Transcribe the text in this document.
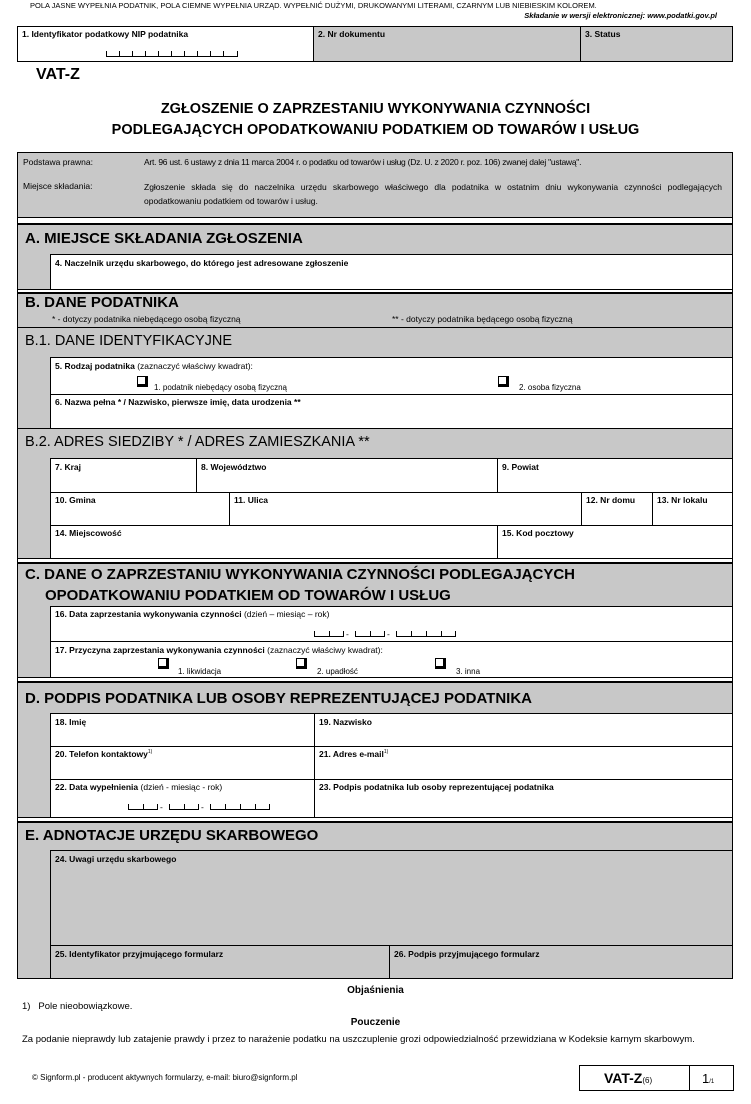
POLA JASNE WYPEŁNIA PODATNIK, POLA CIEMNE WYPEŁNIA URZĄD. WYPEŁNIĆ DUŻYMI, DRUKOWANYMI LITERAMI, CZARNYM LUB NIEBIESKIM KOLOREM.
Składanie w wersji elektronicznej: www.podatki.gov.pl
1. Identyfikator podatkowy NIP podatnika	2. Nr dokumentu	3. Status
VAT-Z
ZGŁOSZENIE O ZAPRZESTANIU WYKONYWANIA CZYNNOŚCI
PODLEGAJĄCYCH OPODATKOWANIU PODATKIEM OD TOWARÓW I USŁUG
Podstawa prawna:	Art. 96 ust. 6 ustawy z dnia 11 marca 2004 r. o podatku od towarów i usług (Dz. U. z 2020 r. poz. 106) zwanej dalej "ustawą".
Miejsce składania:	Zgłoszenie składa się do naczelnika urzędu skarbowego właściwego dla podatnika w ostatnim dniu wykonywania czynności podlegających opodatkowaniu podatkiem od towarów i usług.
A. MIEJSCE SKŁADANIA ZGŁOSZENIA
4. Naczelnik urzędu skarbowego, do którego jest adresowane zgłoszenie
B. DANE PODATNIKA
* - dotyczy podatnika niebędącego osobą fizyczną	** - dotyczy podatnika będącego osobą fizyczną
B.1. DANE IDENTYFIKACYJNE
5. Rodzaj podatnika (zaznaczyć właściwy kwadrat):
1. podatnik niebędący osobą fizyczną	2. osoba fizyczna
6. Nazwa pełna * / Nazwisko, pierwsze imię, data urodzenia **
B.2. ADRES SIEDZIBY * / ADRES ZAMIESZKANIA **
7. Kraj	8. Województwo	9. Powiat
10. Gmina	11. Ulica	12. Nr domu	13. Nr lokalu
14. Miejscowość	15. Kod pocztowy
C. DANE O ZAPRZESTANIU WYKONYWANIA CZYNNOŚCI PODLEGAJĄCYCH
OPODATKOWANIU PODATKIEM OD TOWARÓW I USŁUG
16. Data zaprzestania wykonywania czynności (dzień – miesiąc – rok)
-	-
17. Przyczyna zaprzestania wykonywania czynności (zaznaczyć właściwy kwadrat):
1. likwidacja	2. upadłość	3. inna
D. PODPIS PODATNIKA LUB OSOBY REPREZENTUJĄCEJ PODATNIKA
18. Imię	19. Nazwisko
20. Telefon kontaktowy$^{1)}$	21. Adres e-mail$^{1)}$
22. Data wypełnienia (dzień - miesiąc - rok)	23. Podpis podatnika lub osoby reprezentującej podatnika
-	-
E. ADNOTACJE URZĘDU SKARBOWEGO
24. Uwagi urzędu skarbowego
25. Identyfikator przyjmującego formularz	26. Podpis przyjmującego formularz
Objaśnienia
1)   Pole nieobowiązkowe.
Pouczenie
Za podanie nieprawdy lub zatajenie prawdy i przez to narażenie podatku na uszczuplenie grozi odpowiedzialność przewidziana w Kodeksie karnym skarbowym.
© Signform.pl - producent aktywnych formularzy, e-mail: biuro@signform.pl	VAT-Z(6)	1/1
